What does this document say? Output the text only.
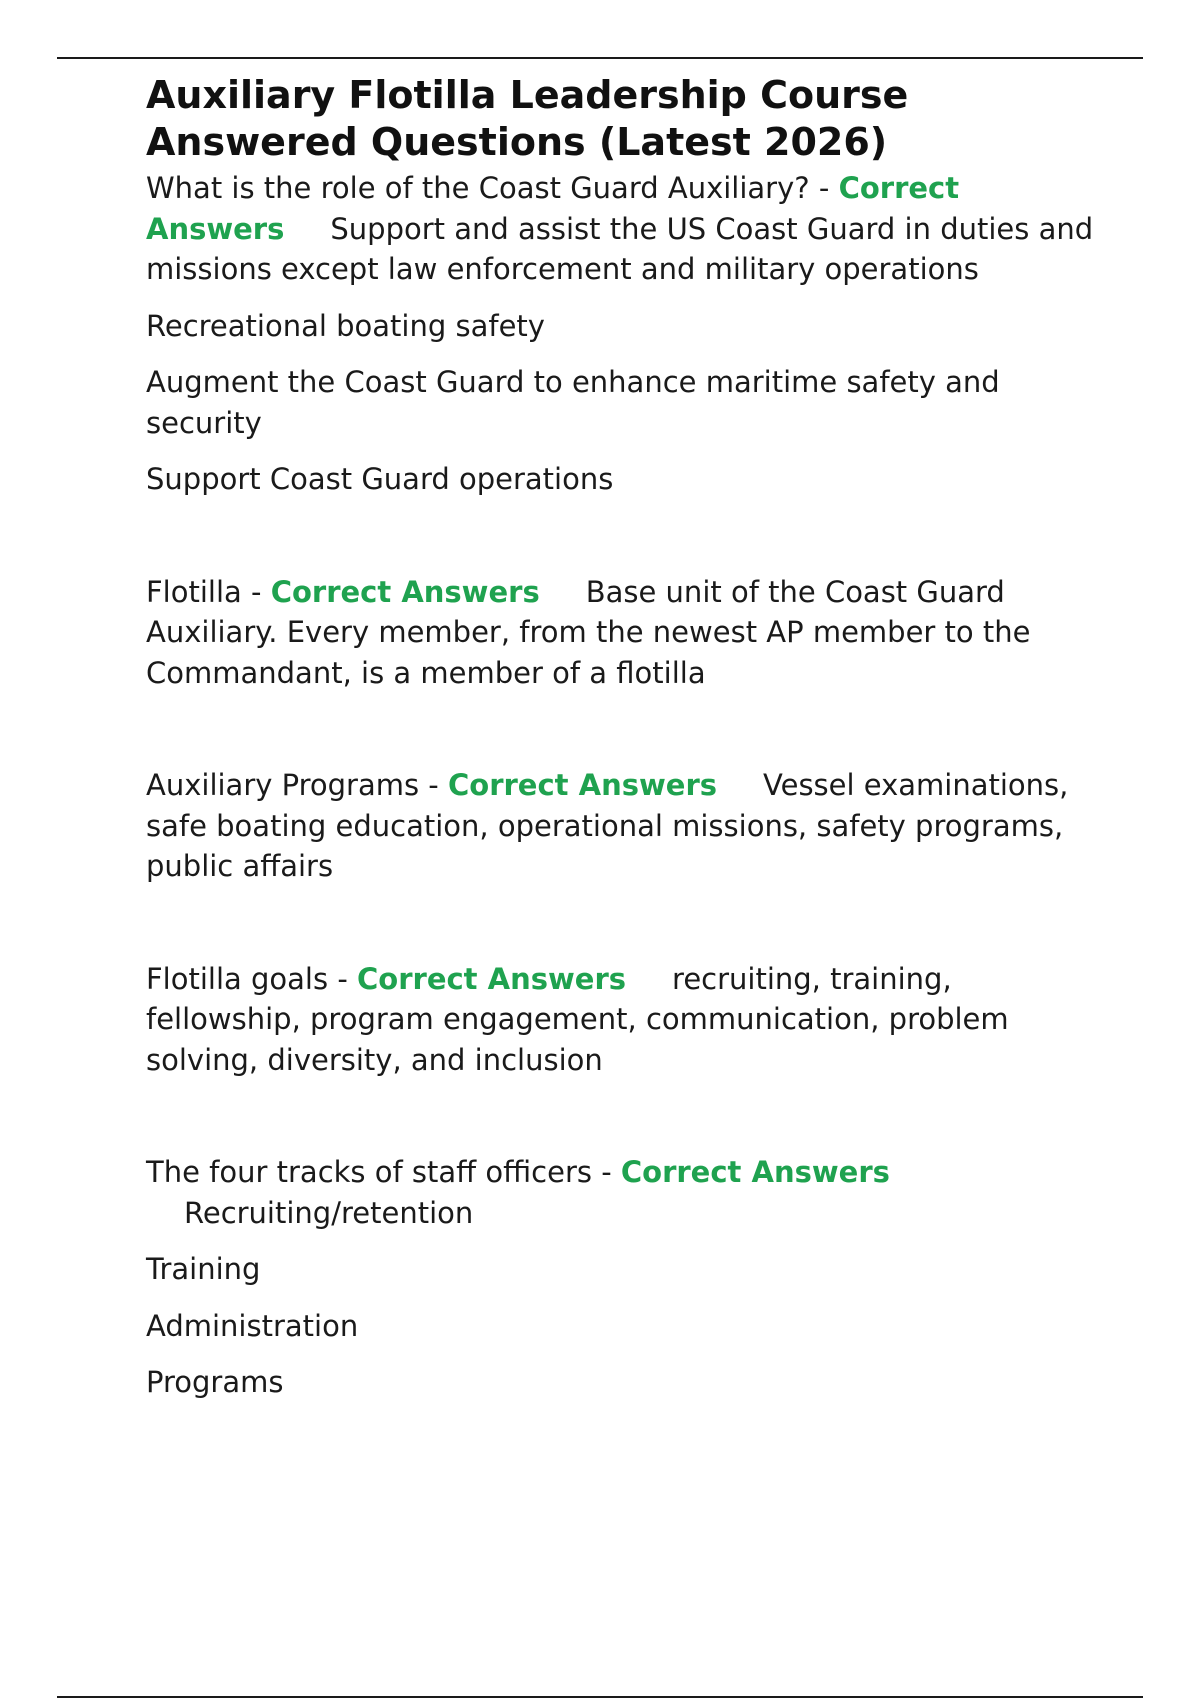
Auxiliary Flotilla Leadership Course Answered Questions (Latest 2026)

What is the role of the Coast Guard Auxiliary? - Correct Answers Support and assist the US Coast Guard in duties and missions except law enforcement and military operations

Recreational boating safety

Augment the Coast Guard to enhance maritime safety and security

Support Coast Guard operations

Flotilla - Correct Answers Base unit of the Coast Guard Auxiliary. Every member, from the newest AP member to the Commandant, is a member of a flotilla

Auxiliary Programs - Correct Answers Vessel examinations, safe boating education, operational missions, safety programs, public affairs

Flotilla goals - Correct Answers recruiting, training, fellowship, program engagement, communication, problem solving, diversity, and inclusion

The four tracks of staff officers - Correct Answers
Recruiting/retention

Training

Administration

Programs
